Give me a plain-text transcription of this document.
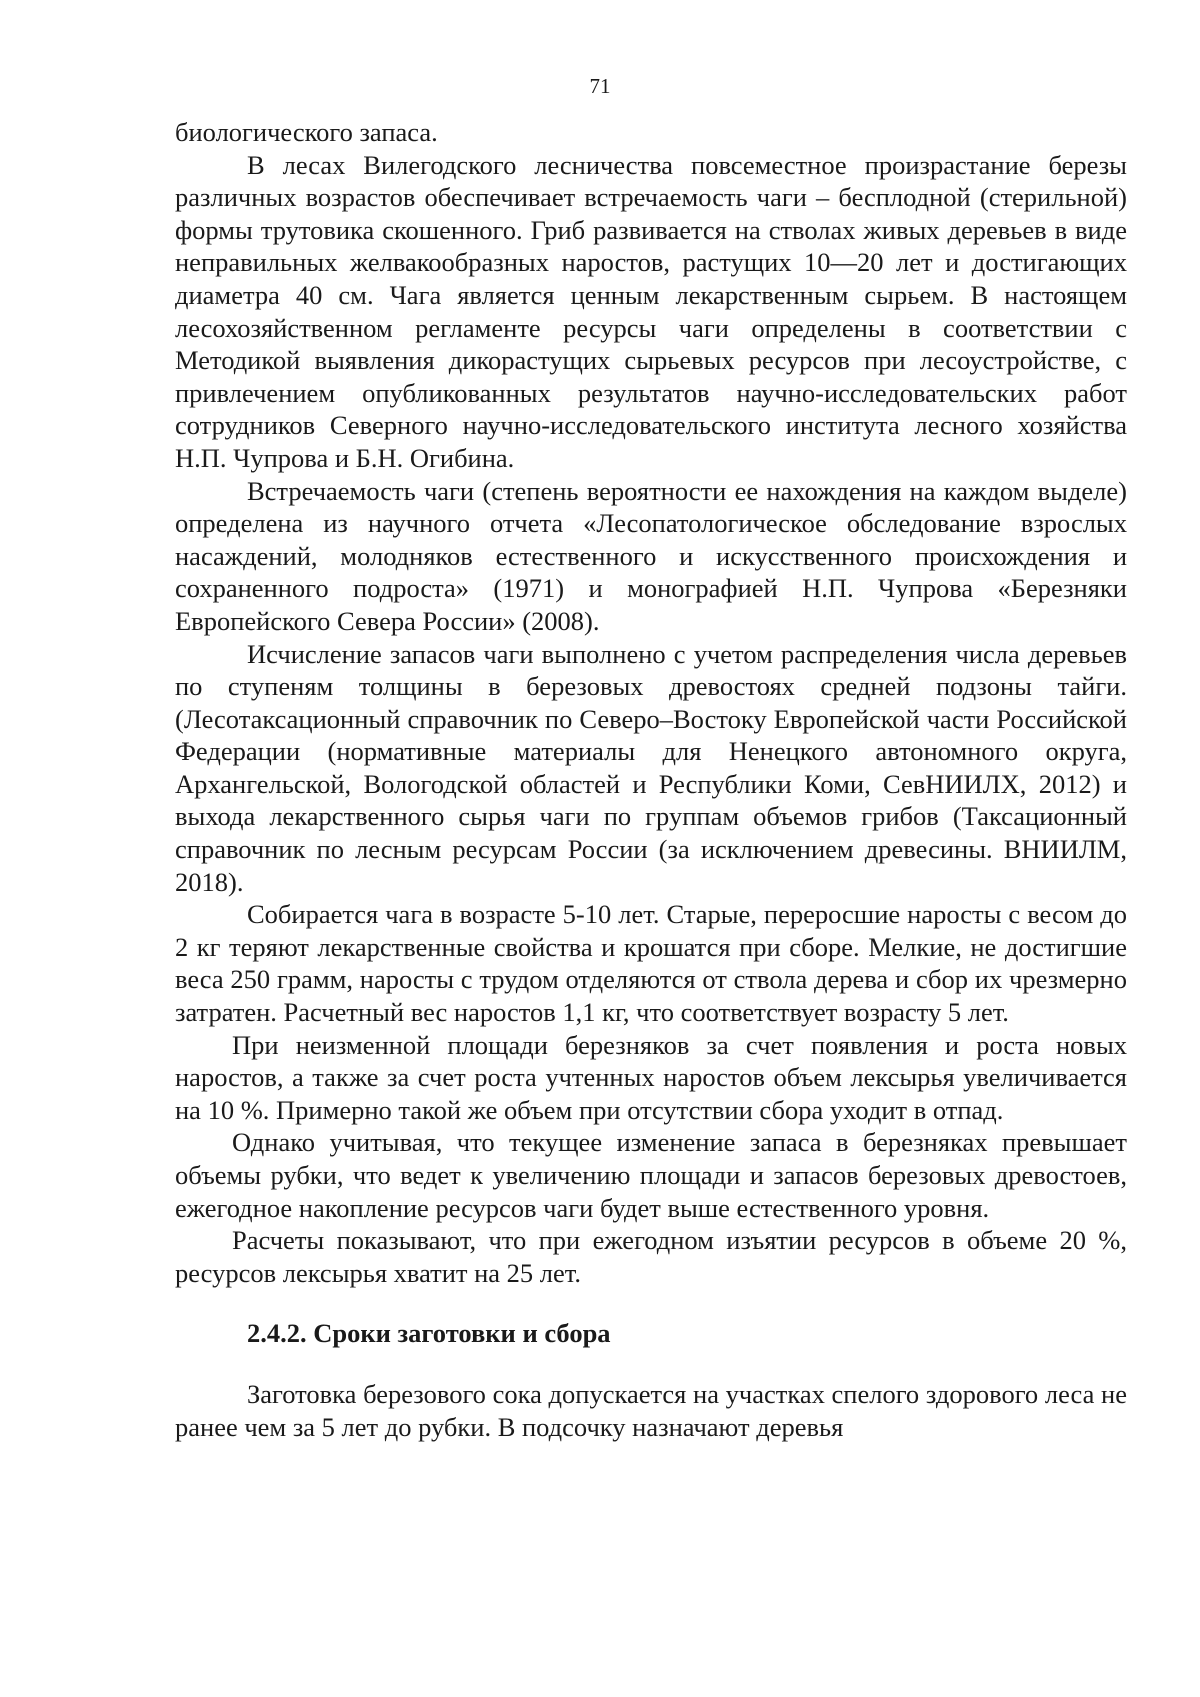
71

биологического запаса.

В лесах Вилегодского лесничества повсеместное произрастание березы различных возрастов обеспечивает встречаемость чаги – бесплодной (стерильной) формы трутовика скошенного. Гриб развивается на стволах живых деревьев в виде неправильных желвакообразных наростов, растущих 10—20 лет и достигающих диаметра 40 см. Чага является ценным лекарственным сырьем. В настоящем лесохозяйственном регламенте ресурсы чаги определены в соответствии с Методикой выявления дикорастущих сырьевых ресурсов при лесоустройстве, с привлечением опубликованных результатов научно-исследовательских работ сотрудников Северного научно-исследовательского института лесного хозяйства Н.П. Чупрова и Б.Н. Огибина.

Встречаемость чаги (степень вероятности ее нахождения на каждом выделе) определена из научного отчета «Лесопатологическое обследование взрослых насаждений, молодняков естественного и искусственного происхождения и сохраненного подроста» (1971) и монографией Н.П. Чупрова «Березняки Европейского Севера России» (2008).

Исчисление запасов чаги выполнено с учетом распределения числа деревьев по ступеням толщины в березовых древостоях средней подзоны тайги. (Лесотаксационный справочник по Северо–Востоку Европейской части Российской Федерации (нормативные материалы для Ненецкого автономного округа, Архангельской, Вологодской областей и Республики Коми, СевНИИЛХ, 2012) и выхода лекарственного сырья чаги по группам объемов грибов (Таксационный справочник по лесным ресурсам России (за исключением древесины. ВНИИЛМ, 2018).

Собирается чага в возрасте 5-10 лет. Старые, переросшие наросты с весом до 2 кг теряют лекарственные свойства и крошатся при сборе. Мелкие, не достигшие веса 250 грамм, наросты с трудом отделяются от ствола дерева и сбор их чрезмерно затратен. Расчетный вес наростов 1,1 кг, что соответствует возрасту 5 лет.

При неизменной площади березняков за счет появления и роста новых наростов, а также за счет роста учтенных наростов объем лексырья увеличивается на 10 %. Примерно такой же объем при отсутствии сбора уходит в отпад.

Однако учитывая, что текущее изменение запаса в березняках превышает объемы рубки, что ведет к увеличению площади и запасов березовых древостоев, ежегодное накопление ресурсов чаги будет выше естественного уровня.

Расчеты показывают, что при ежегодном изъятии ресурсов в объеме 20 %, ресурсов лексырья хватит на 25 лет.

2.4.2. Сроки заготовки и сбора

Заготовка березового сока допускается на участках спелого здорового леса не ранее чем за 5 лет до рубки. В подсочку назначают деревья
